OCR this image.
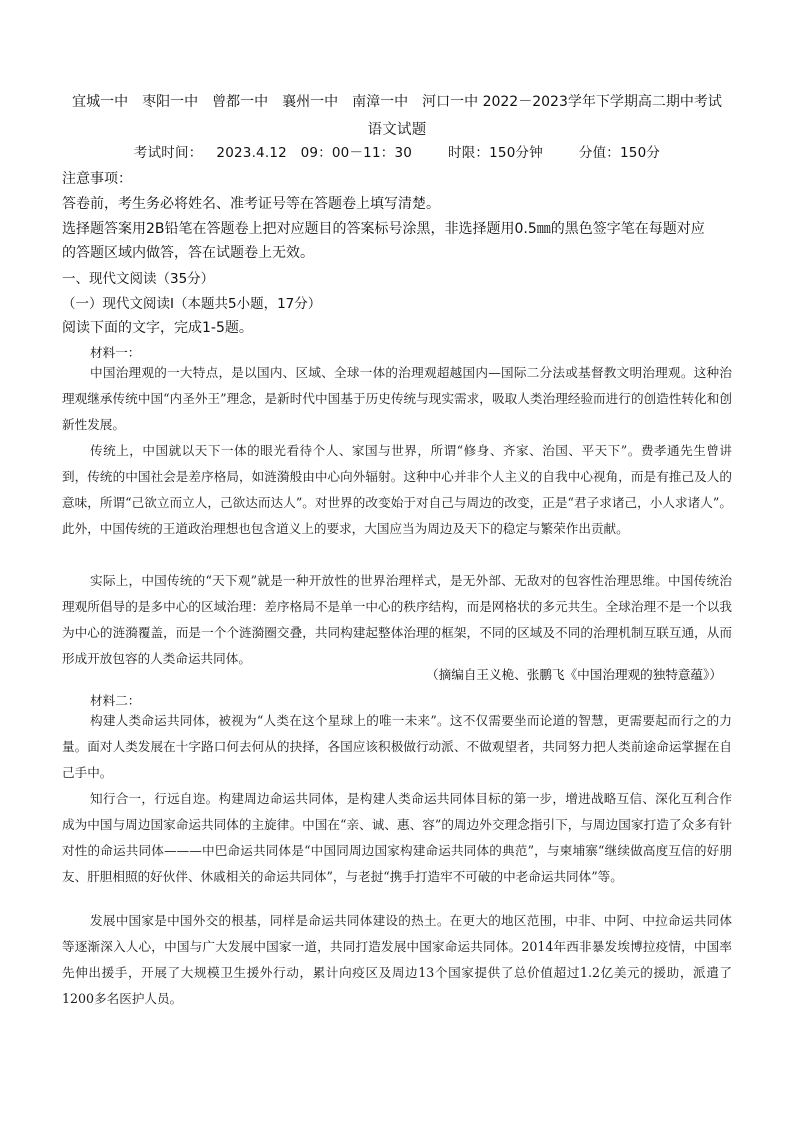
宜城一中　枣阳一中　曾都一中　襄州一中　南漳一中　河口一中 2022－2023学年下学期高二期中考试
语文试题
考试时间： 2023.4.12　09：00－11：30	时限：150分钟	分值：150分
注意事项：
答卷前，考生务必将姓名、准考证号等在答题卷上填写清楚。
选择题答案用2B铅笔在答题卷上把对应题目的答案标号涂黑，非选择题用0.5㎜的黑色签字笔在每题对应
的答题区域内做答，答在试题卷上无效。
一、现代文阅读（35分）
（一）现代文阅读Ⅰ（本题共5小题，17分）
阅读下面的文字，完成1-5题。
材料一：
中国治理观的一大特点，是以国内、区域、全球一体的治理观超越国内—国际二分法或基督教文明治理观。这种治理观继承传统中国“内圣外王”理念，是新时代中国基于历史传统与现实需求，吸取人类治理经验而进行的创造性转化和创新性发展。
传统上，中国就以天下一体的眼光看待个人、家国与世界，所谓“修身、齐家、治国、平天下”。费孝通先生曾讲到，传统的中国社会是差序格局，如涟漪般由中心向外辐射。这种中心并非个人主义的自我中心视角，而是有推己及人的意味，所谓“己欲立而立人，己欲达而达人”。对世界的改变始于对自己与周边的改变，正是“君子求诸己，小人求诸人”。此外，中国传统的王道政治理想也包含道义上的要求，大国应当为周边及天下的稳定与繁荣作出贡献。
实际上，中国传统的“天下观”就是一种开放性的世界治理样式，是无外部、无敌对的包容性治理思维。中国传统治理观所倡导的是多中心的区域治理：差序格局不是单一中心的秩序结构，而是网格状的多元共生。全球治理不是一个以我为中心的涟漪覆盖，而是一个个涟漪圈交叠，共同构建起整体治理的框架，不同的区域及不同的治理机制互联互通，从而形成开放包容的人类命运共同体。
（摘编自王义桅、张鹏飞《中国治理观的独特意蕴》）
材料二：
构建人类命运共同体，被视为“人类在这个星球上的唯一未来”。这不仅需要坐而论道的智慧，更需要起而行之的力量。面对人类发展在十字路口何去何从的抉择，各国应该积极做行动派、不做观望者，共同努力把人类前途命运掌握在自己手中。
知行合一，行远自迩。构建周边命运共同体，是构建人类命运共同体目标的第一步，增进战略互信、深化互利合作成为中国与周边国家命运共同体的主旋律。中国在“亲、诚、惠、容”的周边外交理念指引下，与周边国家打造了众多有针对性的命运共同体———中巴命运共同体是“中国同周边国家构建命运共同体的典范”，与柬埔寨“继续做高度互信的好朋友、肝胆相照的好伙伴、休戚相关的命运共同体”，与老挝“携手打造牢不可破的中老命运共同体”等。
发展中国家是中国外交的根基，同样是命运共同体建设的热土。在更大的地区范围，中非、中阿、中拉命运共同体等逐渐深入人心，中国与广大发展中国家一道，共同打造发展中国家命运共同体。2014年西非暴发埃博拉疫情，中国率先伸出援手，开展了大规模卫生援外行动，累计向疫区及周边13个国家提供了总价值超过1.2亿美元的援助，派遣了1200多名医护人员。
